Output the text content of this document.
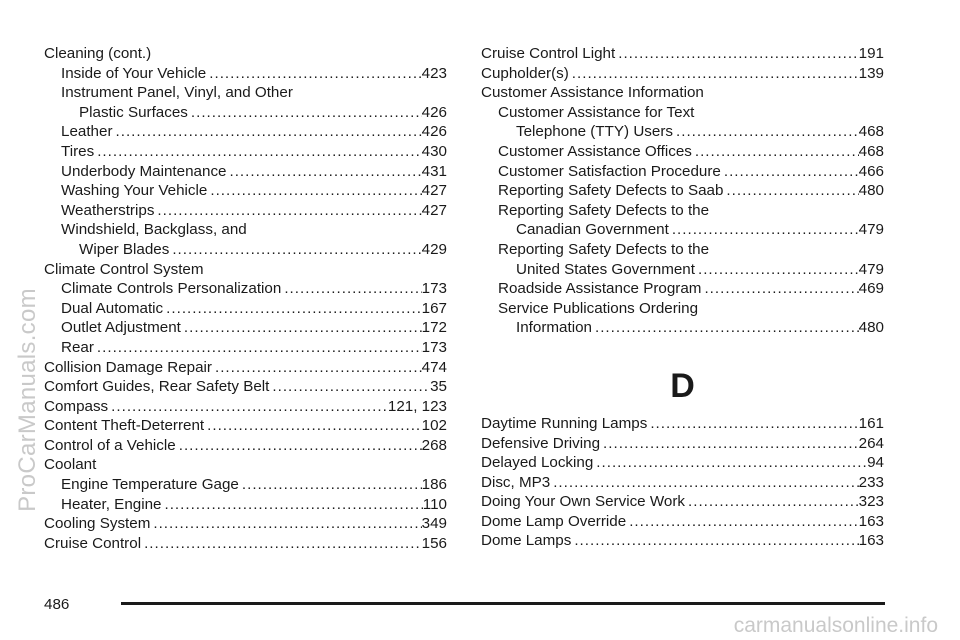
Cleaning (cont.)
Inside of Your Vehicle .....	423
Instrument Panel, Vinyl, and Other
Plastic Surfaces .....	426
Leather .....	426
Tires .....	430
Underbody Maintenance .....	431
Washing Your Vehicle .....	427
Weatherstrips .....	427
Windshield, Backglass, and
Wiper Blades .....	429
Climate Control System
Climate Controls Personalization .....	173
Dual Automatic .....	167
Outlet Adjustment .....	172
Rear .....	173
Collision Damage Repair .....	474
Comfort Guides, Rear Safety Belt .....	35
Compass .....	121, 123
Content Theft-Deterrent .....	102
Control of a Vehicle .....	268
Coolant
Engine Temperature Gage .....	186
Heater, Engine .....	110
Cooling System .....	349
Cruise Control .....	156
Cruise Control Light .....	191
Cupholder(s) .....	139
Customer Assistance Information
Customer Assistance for Text
Telephone (TTY) Users .....	468
Customer Assistance Offices .....	468
Customer Satisfaction Procedure .....	466
Reporting Safety Defects to Saab .....	480
Reporting Safety Defects to the
Canadian Government .....	479
Reporting Safety Defects to the
United States Government .....	479
Roadside Assistance Program .....	469
Service Publications Ordering
Information .....	480
D
Daytime Running Lamps .....	161
Defensive Driving .....	264
Delayed Locking .....	94
Disc, MP3 .....	233
Doing Your Own Service Work .....	323
Dome Lamp Override .....	163
Dome Lamps .....	163
486
ProCarManuals.com
carmanualsonline.info
